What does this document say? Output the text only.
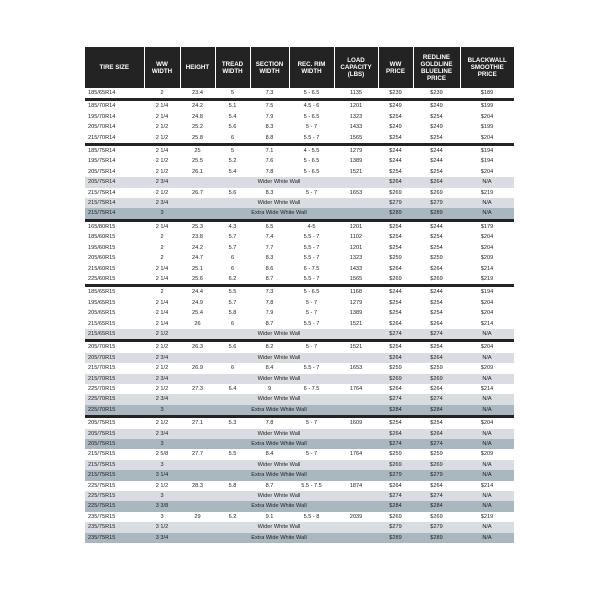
TIRE SIZE	WW WIDTH	HEIGHT	TREAD WIDTH	SECTION WIDTH	REC. RIM WIDTH	LOAD CAPACITY (LBS)	WW PRICE	REDLINE GOLDLINE BLUELINE PRICE	BLACKWALL SMOOTHIE PRICE
185/65R14	2	23.4	5	7.3	5 - 6.5	1135	$239	$239	$189

185/70R14	2 1/4	24.2	5.1	7.5	4.5 - 6	1201	$249	$249	$199
195/70R14	2 1/4	24.8	5.4	7.9	5 - 6.5	1323	$254	$254	$204
205/70R14	2 1/2	25.2	5.6	8.3	5 - 7	1433	$249	$249	$199
215/70R14	2 1/2	25.8	6	8.8	5.5 - 7	1565	$254	$254	$204

185/75R14	2 1/4	25	5	7.1	4 - 5.5	1279	$244	$244	$194
195/75R14	2 1/2	25.5	5.2	7.6	5 - 6.5	1389	$244	$244	$194
205/75R14	2 1/2	26.1	5.4	7.8	5 - 6.5	1521	$254	$254	$204
205/75R14	2 3/4	Wider White Wall					$264	$264	N/A
215/75R14	2 1/2	26.7	5.6	8.3	5 - 7	1653	$269	$269	$219
215/75R14	2 3/4	Wider White Wall					$279	$279	N/A
215/75R14	3	Extra Wide White Wall					$289	$289	N/A

165/80R15	2 1/4	25.3	4.3	6.5	4-5	1201	$254	$244	$179
185/60R15	2	23.8	5.7	7.4	5.5 - 7	1102	$254	$254	$204
195/60R15	2	24.2	5.7	7.7	5.5 - 7	1201	$254	$254	$204
205/60R15	2	24.7	6	8.3	5.5 - 7	1323	$259	$259	$209
215/60R15	2 1/4	25.1	6	8.6	6 - 7.5	1433	$264	$264	$214
225/60R15	2 1/4	25.6	6.2	8.7	5.5 - 7	1565	$269	$269	$219

185/65R15	2	24.4	5.5	7.3	5 - 6.5	1168	$244	$244	$194
195/65R15	2 1/4	24.9	5.7	7.8	5 - 7	1279	$254	$254	$204
205/65R15	2 1/4	25.4	5.8	7.9	5 - 7	1389	$254	$254	$204
215/65R15	2 1/4	26	6	8.7	5.5 - 7	1521	$264	$264	$214
215/65R15	2 1/2	Wider White Wall					$274	$274	N/A

205/70R15	2 1/2	26.3	5.6	8.2	5 - 7	1521	$254	$254	$204
205/70R15	2 3/4	Wider White Wall					$264	$264	N/A
215/70R15	2 1/2	26.9	6	8.4	5.5 - 7	1653	$259	$259	$209
215/70R15	2 3/4	Wider White Wall					$269	$269	N/A
225/70R15	2 1/2	27.3	6.4	9	6 - 7.5	1764	$264	$264	$214
225/70R15	2 3/4	Wider White Wall					$274	$274	N/A
225/70R15	3	Extra Wide White Wall					$284	$284	N/A

205/75R15	2 1/2	27.1	5.3	7.8	5 - 7	1609	$254	$254	$204
205/75R15	2 3/4	Wider White Wall					$264	$264	N/A
205/75R15	3	Extra Wide White Wall					$274	$274	N/A
215/75R15	2 5/8	27.7	5.5	8.4	5 - 7	1764	$259	$259	$209
215/75R15	3	Wider White Wall					$269	$269	N/A
215/75R15	3 1/4	Extra Wide White Wall					$279	$279	N/A
225/75R15	2 1/2	28.3	5.8	8.7	5.5 - 7.5	1874	$264	$264	$214
225/75R15	3	Wider White Wall					$274	$274	N/A
225/75R15	3 3/8	Extra Wide White Wall					$284	$284	N/A
235/75R15	3	29	6.2	9.1	5.5 - 8	2039	$269	$269	$219
235/75R15	3 1/2	Wider White Wall					$279	$279	N/A
235/75R15	3 3/4	Extra Wide White Wall					$289	$289	N/A
